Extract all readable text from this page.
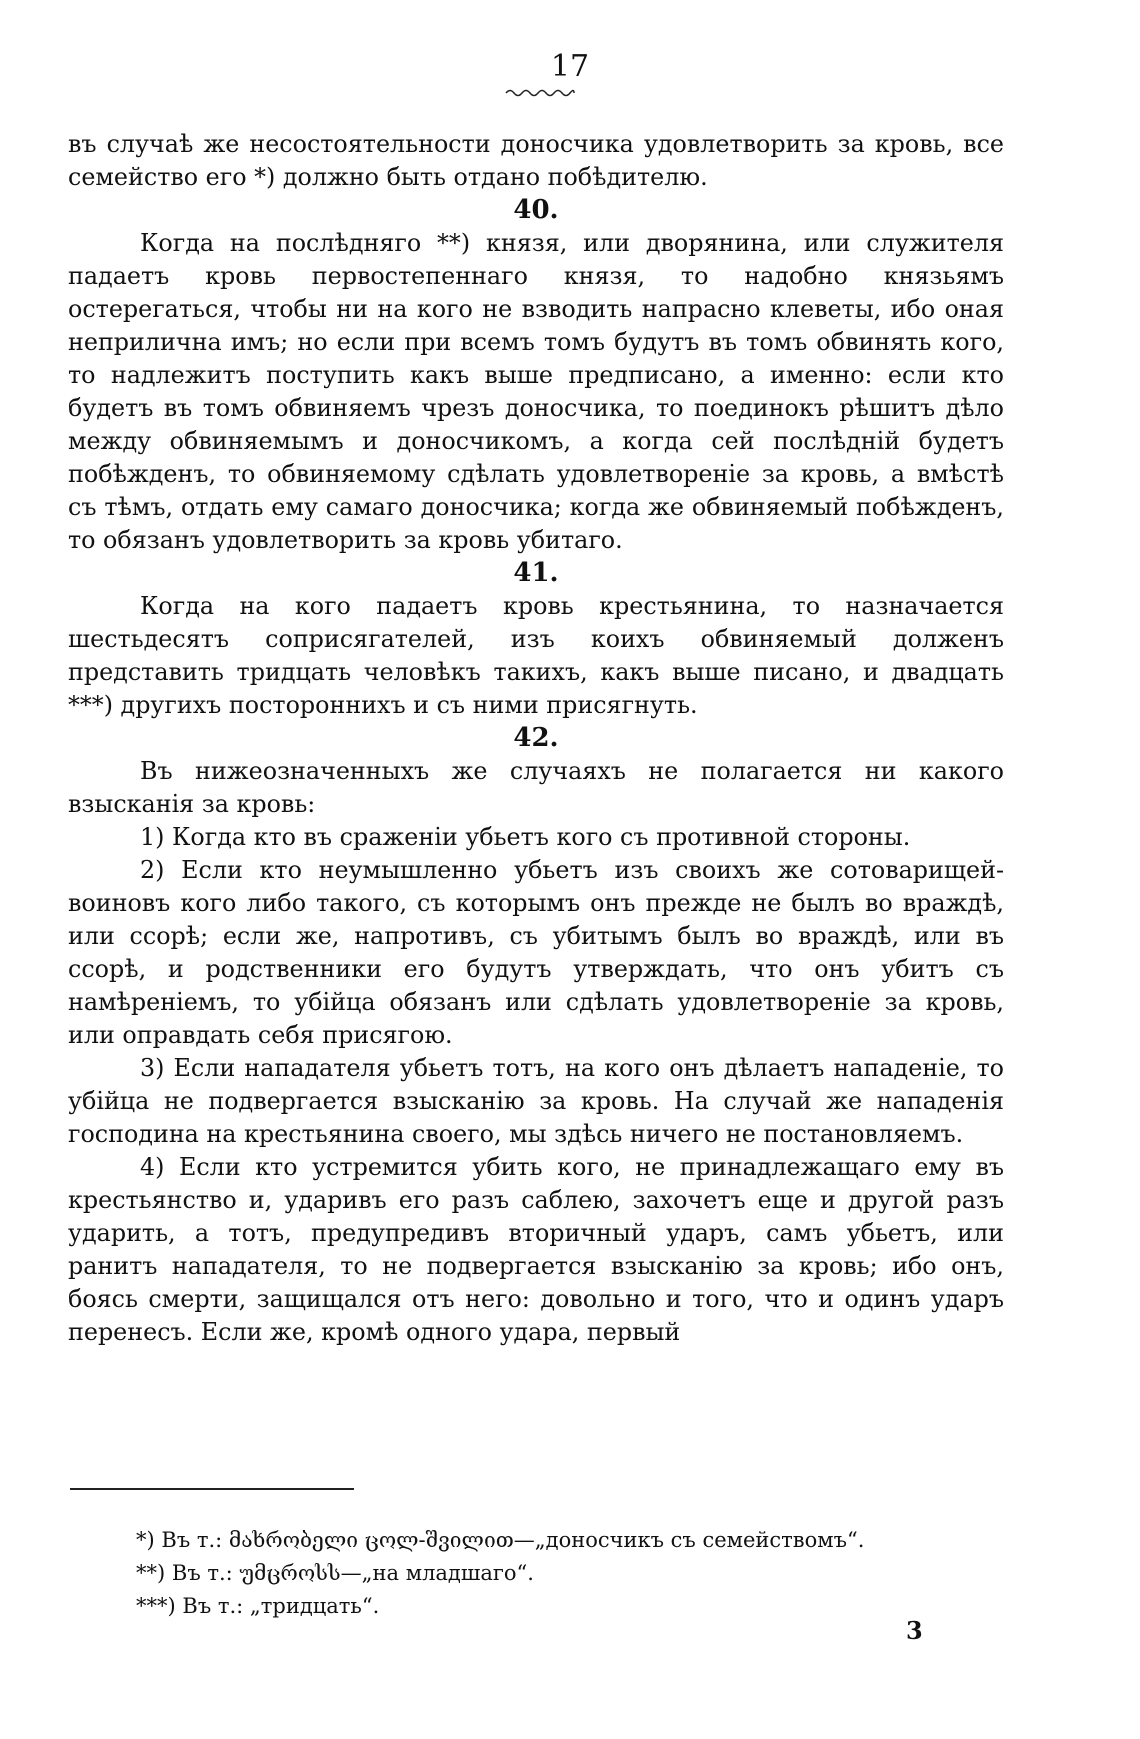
17

въ случаѣ же несостоятельности доносчика удовлетворить за кровь, все семейство его *) должно быть отдано побѣдителю.

40.

Когда на послѣдняго **) князя, или дворянина, или служителя падаетъ кровь первостепеннаго князя, то надобно князьямъ остерегаться, чтобы ни на кого не взводить напрасно клеветы, ибо оная неприлична имъ; но если при всемъ томъ будутъ въ томъ обвинять кого, то надлежитъ поступить какъ выше предписано, а именно: если кто будетъ въ томъ обвиняемъ чрезъ доносчика, то поединокъ рѣшитъ дѣло между обвиняемымъ и доносчикомъ, а когда сей послѣднiй будетъ побѣжденъ, то обвиняемому сдѣлать удовлетворенiе за кровь, а вмѣстѣ съ тѣмъ, отдать ему самаго доносчика; когда же обвиняемый побѣжденъ, то обязанъ удовлетворить за кровь убитаго.

41.

Когда на кого падаетъ кровь крестьянина, то назначается шестьдесятъ соприсягателей, изъ коихъ обвиняемый долженъ представить тридцать человѣкъ такихъ, какъ выше писано, и двадцать ***) другихъ постороннихъ и съ ними присягнуть.

42.

Въ нижеозначенныхъ же случаяхъ не полагается ни какого взысканiя за кровь:

1) Когда кто въ сраженiи убьетъ кого съ противной стороны.

2) Если кто неумышленно убьетъ изъ своихъ же сотоварищей-воиновъ кого либо такого, съ которымъ онъ прежде не былъ во враждѣ, или ссорѣ; если же, напротивъ, съ убитымъ былъ во враждѣ, или въ ссорѣ, и родственники его будутъ утверждать, что онъ убитъ съ намѣренiемъ, то убiйца обязанъ или сдѣлать удовлетворенiе за кровь, или оправдать себя присягою.

3) Если нападателя убьетъ тотъ, на кого онъ дѣлаетъ нападенiе, то убiйца не подвергается взысканiю за кровь. На случай же нападенiя господина на крестьянина своего, мы здѣсь ничего не постановляемъ.

4) Если кто устремится убить кого, не принадлежащаго ему въ крестьянство и, ударивъ его разъ саблею, захочетъ еще и другой разъ ударить, а тотъ, предупредивъ вторичный ударъ, самъ убьетъ, или ранитъ нападателя, то не подвергается взысканiю за кровь; ибо онъ, боясь смерти, защищался отъ него: довольно и того, что и одинъ ударъ перенесъ. Если же, кромѣ одного удара, первый

*) Въ т.: მახრობელი ცოლ-შვილით—„доносчикъ съ семействомъ“.
**) Въ т.: უმცროსს—„на младшаго“.
***) Въ т.: „тридцать“.
3
